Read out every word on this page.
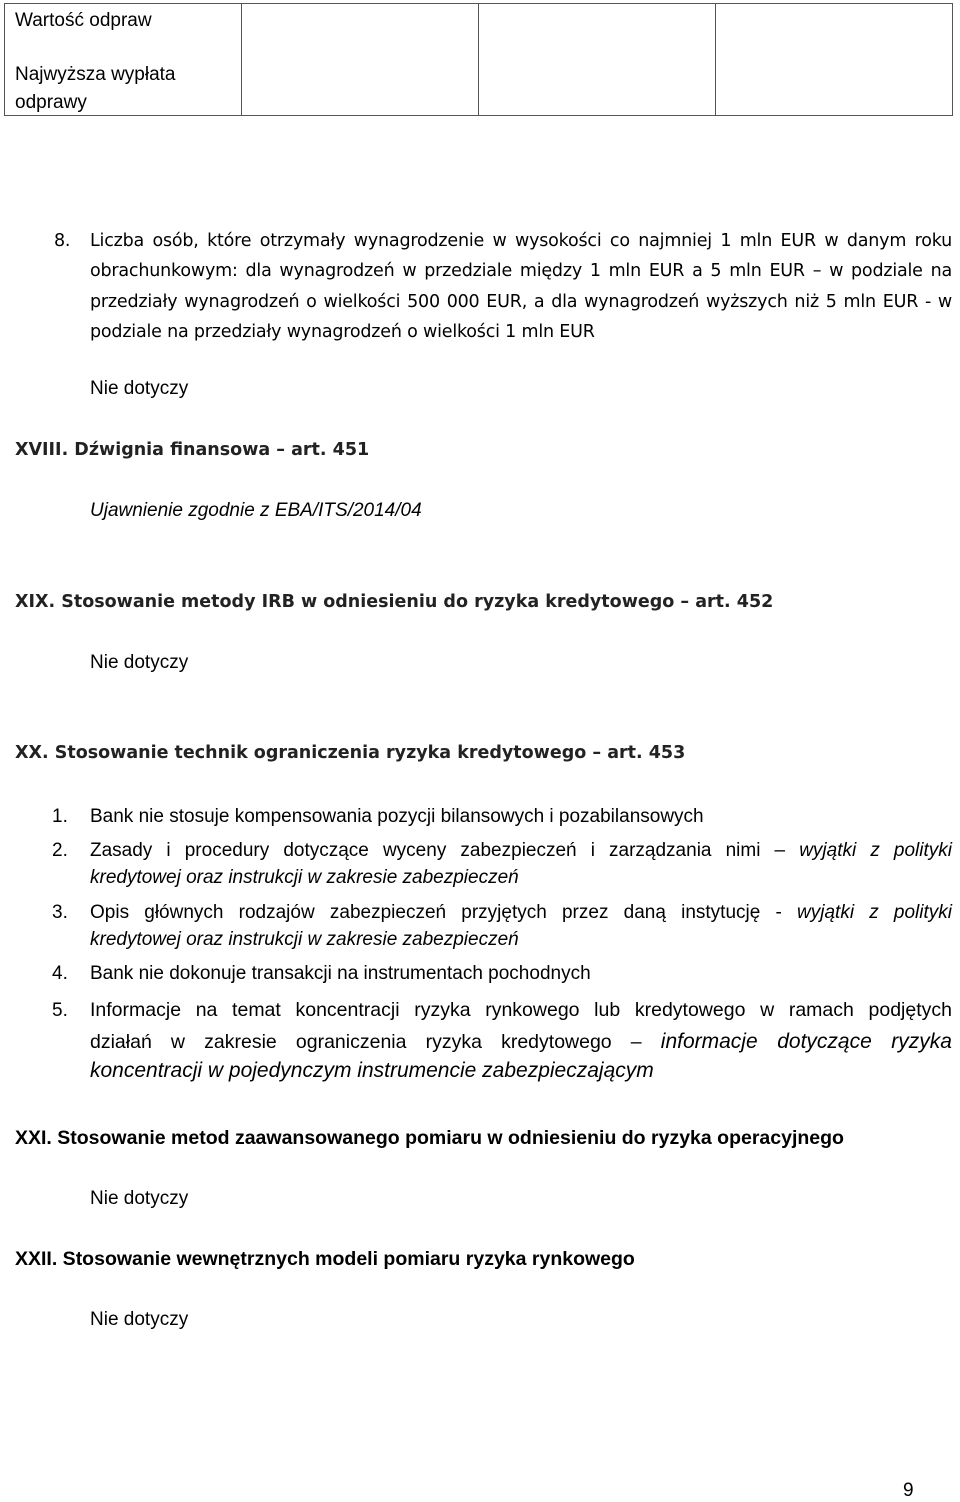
Wartość odpraw
Najwyższa wypłata odprawy

8. Liczba osób, które otrzymały wynagrodzenie w wysokości co najmniej 1 mln EUR w danym roku
obrachunkowym: dla wynagrodzeń w przedziale między 1 mln EUR a 5 mln EUR – w podziale na
przedziały wynagrodzeń o wielkości 500 000 EUR, a dla wynagrodzeń wyższych niż 5 mln EUR - w
podziale na przedziały wynagrodzeń o wielkości 1 mln EUR
Nie dotyczy
XVIII. Dźwignia finansowa – art. 451
Ujawnienie zgodnie z EBA/ITS/2014/04
XIX. Stosowanie metody IRB w odniesieniu do ryzyka kredytowego – art. 452
Nie dotyczy
XX. Stosowanie technik ograniczenia ryzyka kredytowego – art. 453
1. Bank nie stosuje kompensowania pozycji bilansowych i pozabilansowych
2. Zasady i procedury dotyczące wyceny zabezpieczeń i zarządzania nimi – wyjątki z polityki
kredytowej oraz instrukcji w zakresie zabezpieczeń
3. Opis głównych rodzajów zabezpieczeń przyjętych przez daną instytucję - wyjątki z polityki
kredytowej oraz instrukcji w zakresie zabezpieczeń
4. Bank nie dokonuje transakcji na instrumentach pochodnych
5. Informacje na temat koncentracji ryzyka rynkowego lub kredytowego w ramach podjętych
działań w zakresie ograniczenia ryzyka kredytowego – informacje dotyczące ryzyka
koncentracji w pojedynczym instrumencie zabezpieczającym
XXI. Stosowanie metod zaawansowanego pomiaru w odniesieniu do ryzyka operacyjnego
Nie dotyczy
XXII. Stosowanie wewnętrznych modeli pomiaru ryzyka rynkowego
Nie dotyczy
9
